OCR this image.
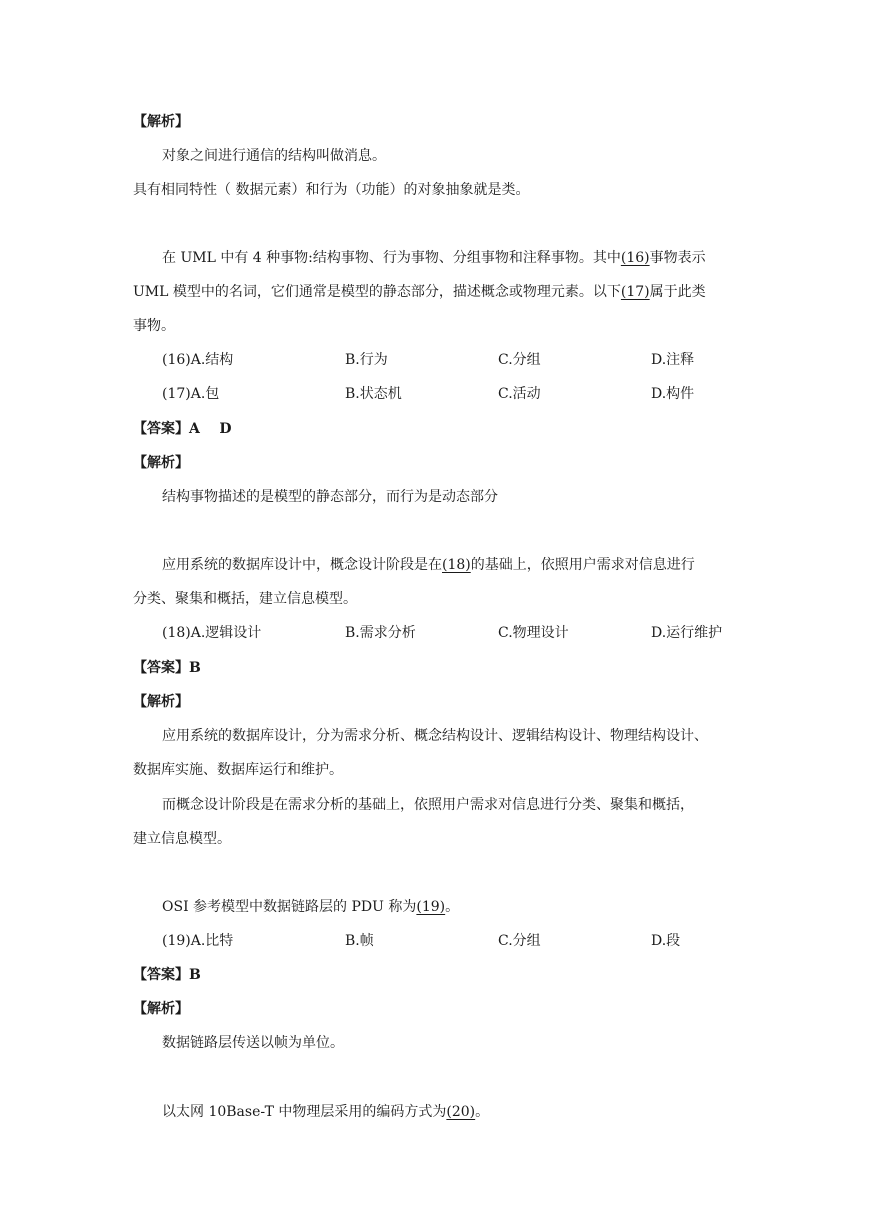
【解析】
对象之间进行通信的结构叫做消息。
具有相同特性（ 数据元素）和行为（功能）的对象抽象就是类。
在 UML 中有 4 种事物:结构事物、行为事物、分组事物和注释事物。其中(16)事物表示
UML 模型中的名词，它们通常是模型的静态部分，描述概念或物理元素。以下(17)属于此类
事物。
(16)A.结构	B.行为	C.分组	D.注释
(17)A.包	B.状态机	C.活动	D.构件
【答案】A    D
【解析】
结构事物描述的是模型的静态部分，而行为是动态部分
应用系统的数据库设计中，概念设计阶段是在(18)的基础上，依照用户需求对信息进行
分类、聚集和概括，建立信息模型。
(18)A.逻辑设计	B.需求分析	C.物理设计	D.运行维护
【答案】B
【解析】
应用系统的数据库设计，分为需求分析、概念结构设计、逻辑结构设计、物理结构设计、
数据库实施、数据库运行和维护。
而概念设计阶段是在需求分析的基础上，依照用户需求对信息进行分类、聚集和概括，
建立信息模型。
OSI 参考模型中数据链路层的 PDU 称为(19)。
(19)A.比特	B.帧	C.分组	D.段
【答案】B
【解析】
数据链路层传送以帧为单位。
以太网 10Base-T 中物理层采用的编码方式为(20)。
